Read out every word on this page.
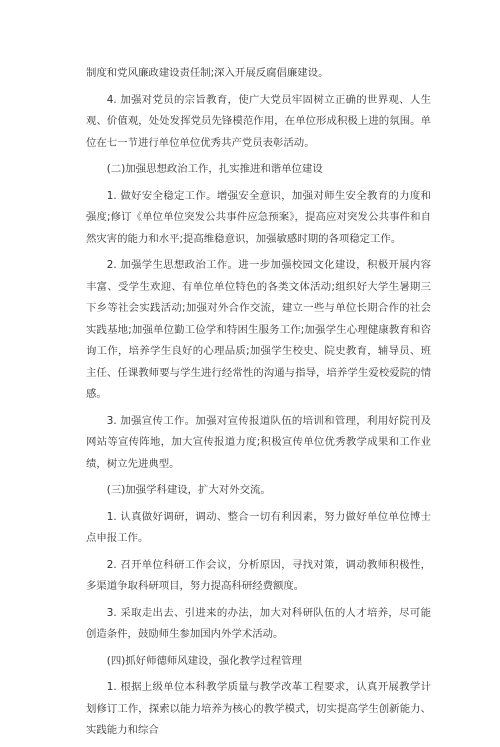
制度和党风廉政建设责任制;深入开展反腐倡廉建设。

4. 加强对党员的宗旨教育，使广大党员牢固树立正确的世界观、人生观、价值观，处处发挥党员先锋模范作用，在单位形成积极上进的氛围。单位在七一节进行单位单位优秀共产党员表彰活动。

(二)加强思想政治工作，扎实推进和谐单位建设

1. 做好安全稳定工作。增强安全意识，加强对师生安全教育的力度和强度;修订《单位单位突发公共事件应急预案》，提高应对突发公共事件和自然灾害的能力和水平;提高维稳意识，加强敏感时期的各项稳定工作。

2. 加强学生思想政治工作。进一步加强校园文化建设，积极开展内容丰富、受学生欢迎、有单位单位特色的各类文体活动;组织好大学生暑期三下乡等社会实践活动;加强对外合作交流，建立一些与单位长期合作的社会实践基地;加强单位勤工俭学和特困生服务工作;加强学生心理健康教育和咨询工作，培养学生良好的心理品质;加强学生校史、院史教育，辅导员、班主任、任课教师要与学生进行经常性的沟通与指导，培养学生爱校爱院的情感。

3. 加强宣传工作。加强对宣传报道队伍的培训和管理，利用好院刊及网站等宣传阵地，加大宣传报道力度;积极宣传单位优秀教学成果和工作业绩，树立先进典型。

(三)加强学科建设，扩大对外交流。

1. 认真做好调研，调动、整合一切有利因素，努力做好单位单位博士点申报工作。

2. 召开单位科研工作会议，分析原因，寻找对策，调动教师积极性，多渠道争取科研项目，努力提高科研经费额度。

3. 采取走出去、引进来的办法，加大对科研队伍的人才培养，尽可能创造条件，鼓励师生参加国内外学术活动。

(四)抓好师德师风建设，强化教学过程管理

1. 根据上级单位本科教学质量与教学改革工程要求，认真开展教学计划修订工作，探索以能力培养为核心的教学模式，切实提高学生创新能力、实践能力和综合
